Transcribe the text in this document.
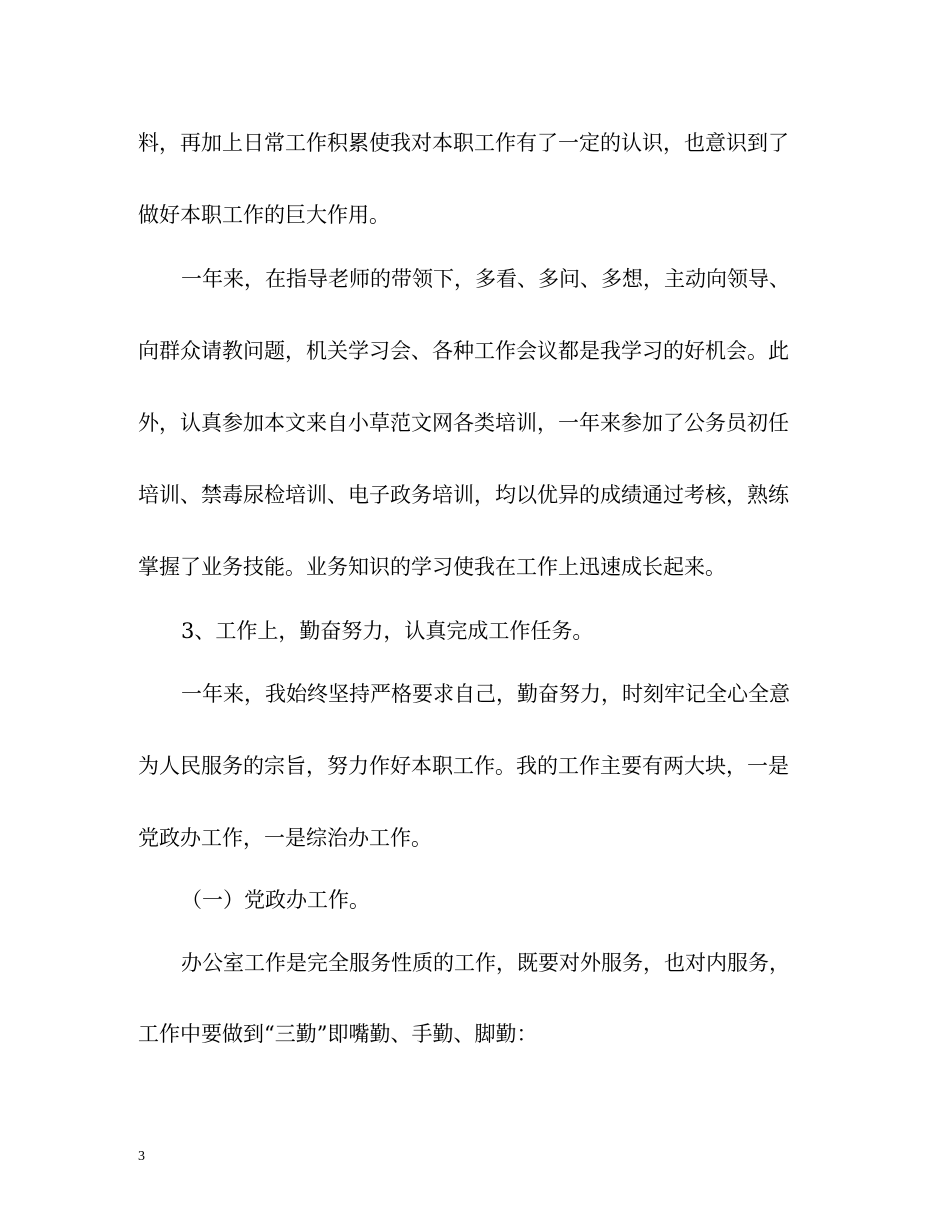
料，再加上日常工作积累使我对本职工作有了一定的认识，也意识到了

做好本职工作的巨大作用。

一年来，在指导老师的带领下，多看、多问、多想，主动向领导、

向群众请教问题，机关学习会、各种工作会议都是我学习的好机会。此

外，认真参加本文来自小草范文网各类培训，一年来参加了公务员初任

培训、禁毒尿检培训、电子政务培训，均以优异的成绩通过考核，熟练

掌握了业务技能。业务知识的学习使我在工作上迅速成长起来。

3、工作上，勤奋努力，认真完成工作任务。

一年来，我始终坚持严格要求自己，勤奋努力，时刻牢记全心全意

为人民服务的宗旨，努力作好本职工作。我的工作主要有两大块，一是

党政办工作，一是综治办工作。

（一）党政办工作。

办公室工作是完全服务性质的工作，既要对外服务，也对内服务，

工作中要做到“三勤”即嘴勤、手勤、脚勤：

3
